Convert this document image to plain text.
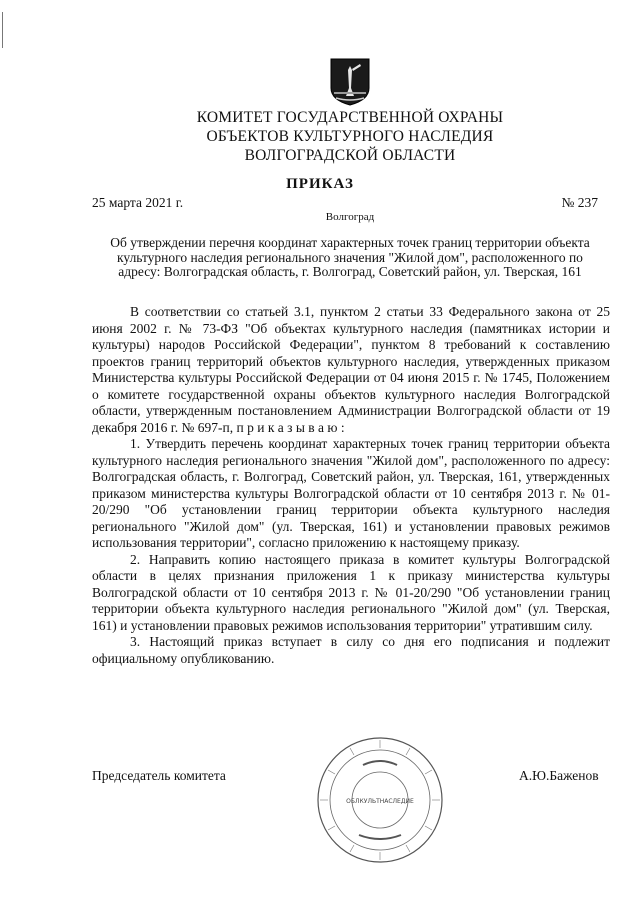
КОМИТЕТ ГОСУДАРСТВЕННОЙ ОХРАНЫ
ОБЪЕКТОВ КУЛЬТУРНОГО НАСЛЕДИЯ
ВОЛГОГРАДСКОЙ ОБЛАСТИ
ПРИКАЗ
25 марта 2021 г.	№ 237
Волгоград
Об утверждении перечня координат характерных точек границ территории объекта культурного наследия регионального значения "Жилой дом", расположенного по адресу: Волгоградская область, г. Волгоград, Советский район, ул. Тверская, 161

В соответствии со статьей 3.1, пунктом 2 статьи 33 Федерального закона от 25 июня 2002 г. № 73-ФЗ "Об объектах культурного наследия (памятниках истории и культуры) народов Российской Федерации", пунктом 8 требований к составлению проектов границ территорий объектов культурного наследия, утвержденных приказом Министерства культуры Российской Федерации от 04 июня 2015 г. № 1745, Положением о комитете государственной охраны объектов культурного наследия Волгоградской области, утвержденным постановлением Администрации Волгоградской области от 19 декабря 2016 г. № 697-п, п р и к а з ы в а ю :

1. Утвердить перечень координат характерных точек границ территории объекта культурного наследия регионального значения "Жилой дом", расположенного по адресу: Волгоградская область, г. Волгоград, Советский район, ул. Тверская, 161, утвержденных приказом министерства культуры Волгоградской области от 10 сентября 2013 г. № 01-20/290 "Об установлении границ территории объекта культурного наследия регионального "Жилой дом" (ул. Тверская, 161) и установлении правовых режимов использования территории", согласно приложению к настоящему приказу.

2. Направить копию настоящего приказа в комитет культуры Волгоградской области в целях признания приложения 1 к приказу министерства культуры Волгоградской области от 10 сентября 2013 г. № 01-20/290 "Об установлении границ территории объекта культурного наследия регионального "Жилой дом" (ул. Тверская, 161) и установлении правовых режимов использования территории" утратившим силу.

3. Настоящий приказ вступает в силу со дня его подписания и подлежит официальному опубликованию.

Председатель комитета
ОБЛКУЛЬТНАСЛЕДИЕ
А.Ю.Баженов
